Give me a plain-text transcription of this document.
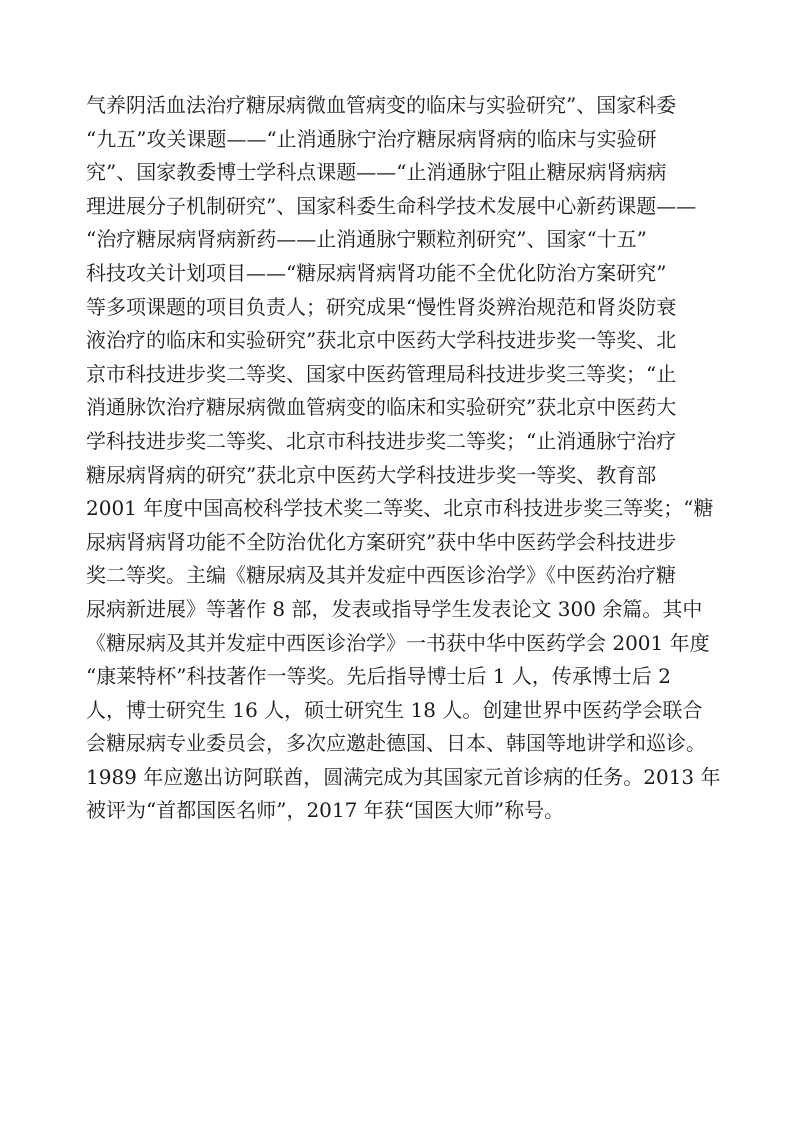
气养阴活血法治疗糖尿病微血管病变的临床与实验研究”、国家科委
“九五”攻关课题——“止消通脉宁治疗糖尿病肾病的临床与实验研
究”、国家教委博士学科点课题——“止消通脉宁阻止糖尿病肾病病
理进展分子机制研究”、国家科委生命科学技术发展中心新药课题——
“治疗糖尿病肾病新药——止消通脉宁颗粒剂研究”、国家“十五”
科技攻关计划项目——“糖尿病肾病肾功能不全优化防治方案研究”
等多项课题的项目负责人；研究成果“慢性肾炎辨治规范和肾炎防衰
液治疗的临床和实验研究”获北京中医药大学科技进步奖一等奖、北
京市科技进步奖二等奖、国家中医药管理局科技进步奖三等奖；“止
消通脉饮治疗糖尿病微血管病变的临床和实验研究”获北京中医药大
学科技进步奖二等奖、北京市科技进步奖二等奖；“止消通脉宁治疗
糖尿病肾病的研究”获北京中医药大学科技进步奖一等奖、教育部
2001 年度中国高校科学技术奖二等奖、北京市科技进步奖三等奖；“糖
尿病肾病肾功能不全防治优化方案研究”获中华中医药学会科技进步
奖二等奖。主编《糖尿病及其并发症中西医诊治学》《中医药治疗糖
尿病新进展》等著作 8 部，发表或指导学生发表论文 300 余篇。其中
《糖尿病及其并发症中西医诊治学》一书获中华中医药学会 2001 年度
“康莱特杯”科技著作一等奖。先后指导博士后 1 人，传承博士后 2
人，博士研究生 16 人，硕士研究生 18 人。创建世界中医药学会联合
会糖尿病专业委员会，多次应邀赴德国、日本、韩国等地讲学和巡诊。
1989 年应邀出访阿联酋，圆满完成为其国家元首诊病的任务。2013 年
被评为“首都国医名师”，2017 年获“国医大师”称号。
